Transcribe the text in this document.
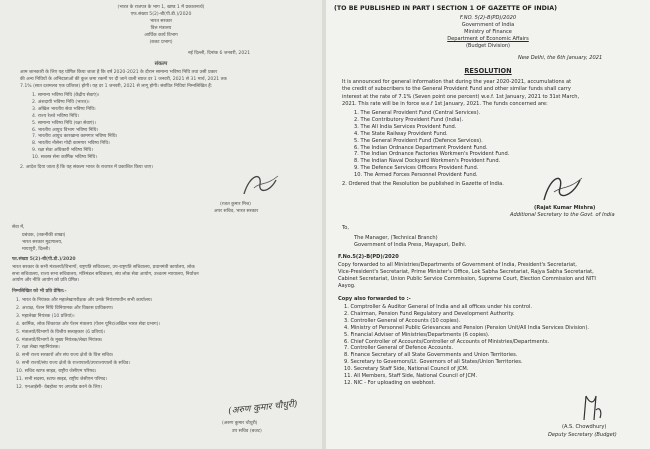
(भारत के राजपत्र के भाग 1, खण्ड 1 में प्रकाशनार्थ)
एफ.संख्या 5(2)-बी(पी.डी.)/2020
भारत सरकार
वित्त मंत्रालय
आर्थिक कार्य विभाग
(बजट प्रभाग)
नई दिल्ली, दिनांक 6 जनवरी, 2021
संकल्प
आम जानकारी के लिए यह घोषित किया जाता है कि वर्ष 2020-2021 के दौरान सामान्य भविष्य निधि तथा उसी प्रकार
की अन्य निधियों के अभिदाताओं की कुल जमा रकमों पर दी जाने वाली ब्याज दर 1 जनवरी, 2021 से 31 मार्च, 2021 तक
7.1% (सात दशमलव एक प्रतिशत) होगी। यह दर 1 जनवरी, 2021 से लागू होगी। संबंधित निधियां निम्नलिखित हैं:
1. सामान्य भविष्य निधि (केंद्रीय सेवाएं)।
2. अंशदायी भविष्य निधि (भारत)।
3. अखिल भारतीय सेवा भविष्य निधि।
4. राज्य रेलवे भविष्य निधि।
5. सामान्य भविष्य निधि (रक्षा सेवाएं)।
6. भारतीय आयुध विभाग भविष्य निधि।
7. भारतीय आयुध कारखाना कामगार भविष्य निधि।
8. भारतीय नौसेना गोदी कामगार भविष्य निधि।
9. रक्षा सेवा अधिकारी भविष्य निधि।
10. सशस्त्र सेना कार्मिक भविष्य निधि।
2. आदेश दिया जाता है कि यह संकल्प भारत के राजपत्र में प्रकाशित किया जाए।
(रजत कुमार मिश्र)
अपर सचिव, भारत सरकार
सेवा में,
प्रबंधक, (तकनीकी शाखा)
भारत सरकार मुद्रणालय,
मायापुरी, दिल्ली।
फा.संख्या 5(2)-बी(पी.डी.)/2020
भारत सरकार के सभी मंत्रालयों/विभागों, राष्ट्रपति सचिवालय, उप-राष्ट्रपति सचिवालय, प्रधानमंत्री कार्यालय, लोक
सभा सचिवालय, राज्य सभा सचिवालय, मंत्रिमंडल सचिवालय, संघ लोक सेवा आयोग, उच्चतम न्यायालय, निर्वाचन
आयोग और नीति आयोग को प्रति प्रेषित।
निम्नलिखित को भी प्रति प्रेषित:-
1. भारत के नियंत्रक और महालेखापरीक्षक और उनके नियंत्रणाधीन सभी कार्यालय।
2. अध्यक्ष, पेंशन निधि विनियामक और विकास प्राधिकरण।
3. महालेखा नियंत्रक (10 प्रतियां)।
4. कार्मिक, लोक शिकायत और पेंशन मंत्रालय (पेंशन यूनिट/अखिल भारत सेवा प्रभाग)।
5. मंत्रालयों/विभागों के वित्तीय सलाहकार (6 प्रतियां)।
6. मंत्रालयों/विभागों के मुख्य नियंत्रक/लेखा नियंत्रक।
7. रक्षा लेखा महानियंत्रक।
8. सभी राज्य सरकारों और संघ राज्य क्षेत्रों के वित्त सचिव।
9. सभी राज्यों/संघ राज्य क्षेत्रों के राज्यपालों/उपराज्यपालों के सचिव।
10. सचिव स्टाफ साइड, राष्ट्रीय जेसीएम परिषद।
11. सभी सदस्य, स्टाफ साइड, राष्ट्रीय जेसीएम परिषद।
12. एनआईसी- वेबहोस्ट पर अपलोड करने के लिए।
(अरुण कुमार चौधुरी)
(अरुण कुमार चौधुरी)
उप सचिव (बजट)
(TO BE PUBLISHED IN PART I SECTION 1 OF GAZETTE OF INDIA)
F.NO. 5(2)-B(PD)/2020
Government of India
Ministry of Finance
Department of Economic Affairs
(Budget Division)
New Delhi, the 6th January, 2021
RESOLUTION
It is announced for general information that during the year 2020-2021, accumulations at
the credit of subscribers to the General Provident Fund and other similar funds shall carry
interest at the rate of 7.1% (Seven point one percent) w.e.f. 1st January, 2021 to 31st March,
2021. This rate will be in force w.e.f 1st January, 2021. The funds concerned are:
1. The General Provident Fund (Central Services).
2. The Contributory Provident Fund (India).
3. The All India Services Provident Fund.
4. The State Railway Provident Fund.
5. The General Provident Fund (Defence Services).
6. The Indian Ordnance Department Provident Fund.
7. The Indian Ordnance Factories Workmen's Provident Fund.
8. The Indian Naval Dockyard Workmen's Provident Fund.
9. The Defence Services Officers Provident Fund.
10. The Armed Forces Personnel Provident Fund.
2. Ordered that the Resolution be published in Gazette of India.
(Rajat Kumar Mishra)
Additional Secretary to the Govt. of India
To,
The Manager, (Technical Branch)
Government of India Press, Mayapuri, Delhi.
F.No.5(2)-B(PD)/2020
Copy forwarded to all Ministries/Departments of Government of India, President's Secretariat,
Vice-President's Secretariat, Prime Minister's Office, Lok Sabha Secretariat, Rajya Sabha Secretariat,
Cabinet Secretariat, Union Public Service Commission, Supreme Court, Election Commission and NITI
Aayog.
Copy also forwarded to :-
1. Comptroller & Auditor General of India and all offices under his control.
2. Chairman, Pension Fund Regulatory and Development Authority.
3. Controller General of Accounts (10 copies).
4. Ministry of Personnel Public Grievances and Pension (Pension Unit/All India Services Division).
5. Financial Adviser of Ministries/Departments (6 copies).
6. Chief Controller of Accounts/Controller of Accounts of Ministries/Departments.
7. Controller General of Defence Accounts.
8. Finance Secretary of all State Governments and Union Territories.
9. Secretary to Governors/Lt. Governors of all States/Union Territories.
10. Secretary Staff Side, National Council of JCM.
11. All Members, Staff Side, National Council of JCM.
12. NIC - For uploading on webhost.
(A.S. Chowdhury)
Deputy Secretary (Budget)
